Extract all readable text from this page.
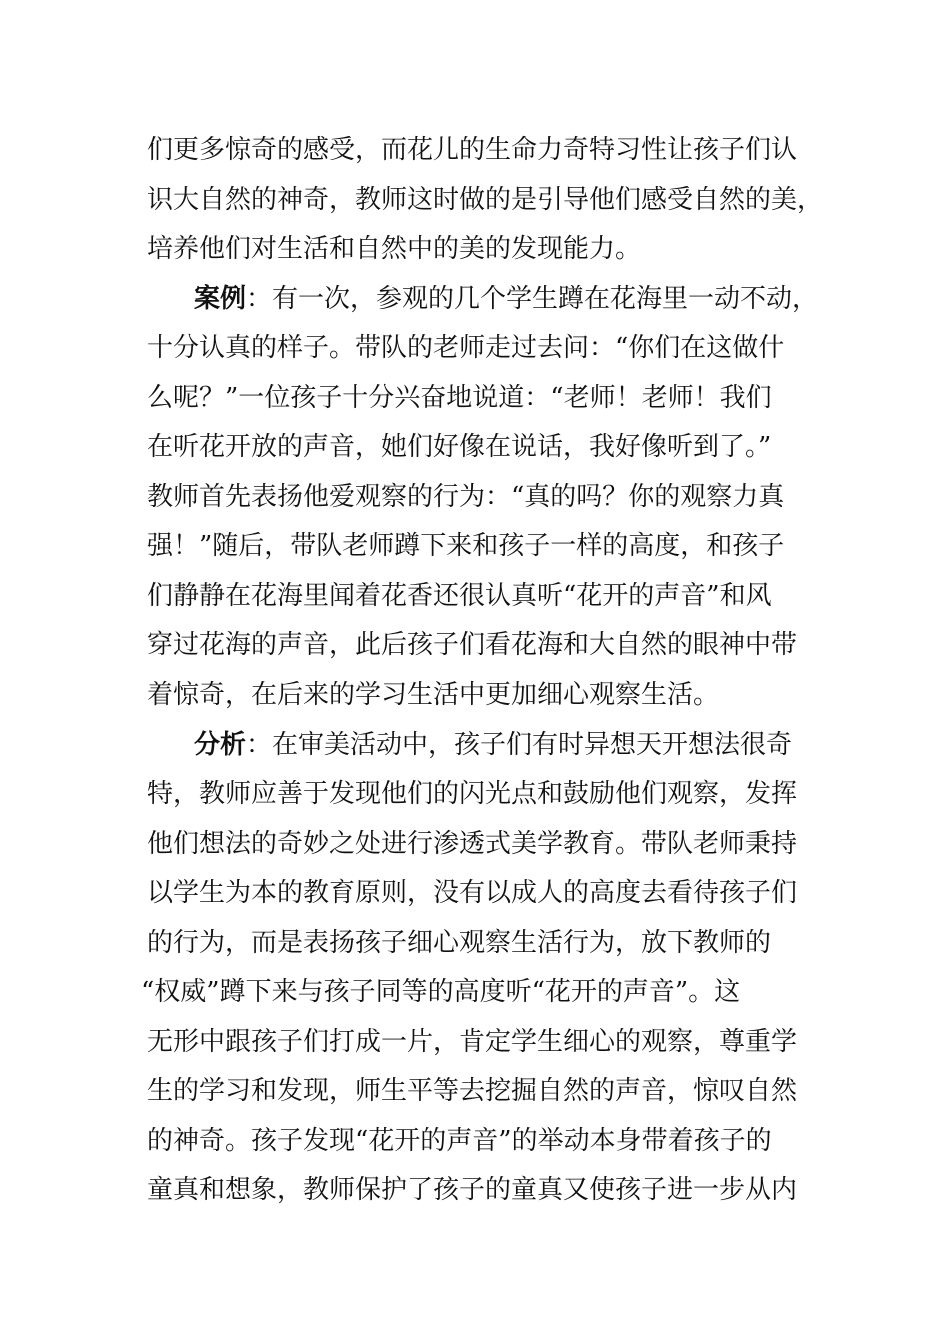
们更多惊奇的感受，而花儿的生命力奇特习性让孩子们认
识大自然的神奇，教师这时做的是引导他们感受自然的美，
培养他们对生活和自然中的美的发现能力。
案例：有一次，参观的几个学生蹲在花海里一动不动，
十分认真的样子。带队的老师走过去问：“你们在这做什
么呢？”一位孩子十分兴奋地说道：“老师！老师！我们
在听花开放的声音，她们好像在说话，我好像听到了。”
教师首先表扬他爱观察的行为：“真的吗？你的观察力真
强！”随后，带队老师蹲下来和孩子一样的高度，和孩子
们静静在花海里闻着花香还很认真听“花开的声音”和风
穿过花海的声音，此后孩子们看花海和大自然的眼神中带
着惊奇，在后来的学习生活中更加细心观察生活。
分析：在审美活动中，孩子们有时异想天开想法很奇
特，教师应善于发现他们的闪光点和鼓励他们观察，发挥
他们想法的奇妙之处进行渗透式美学教育。带队老师秉持
以学生为本的教育原则，没有以成人的高度去看待孩子们
的行为，而是表扬孩子细心观察生活行为，放下教师的
“权威”蹲下来与孩子同等的高度听“花开的声音”。这
无形中跟孩子们打成一片，肯定学生细心的观察，尊重学
生的学习和发现，师生平等去挖掘自然的声音，惊叹自然
的神奇。孩子发现“花开的声音”的举动本身带着孩子的
童真和想象，教师保护了孩子的童真又使孩子进一步从内
